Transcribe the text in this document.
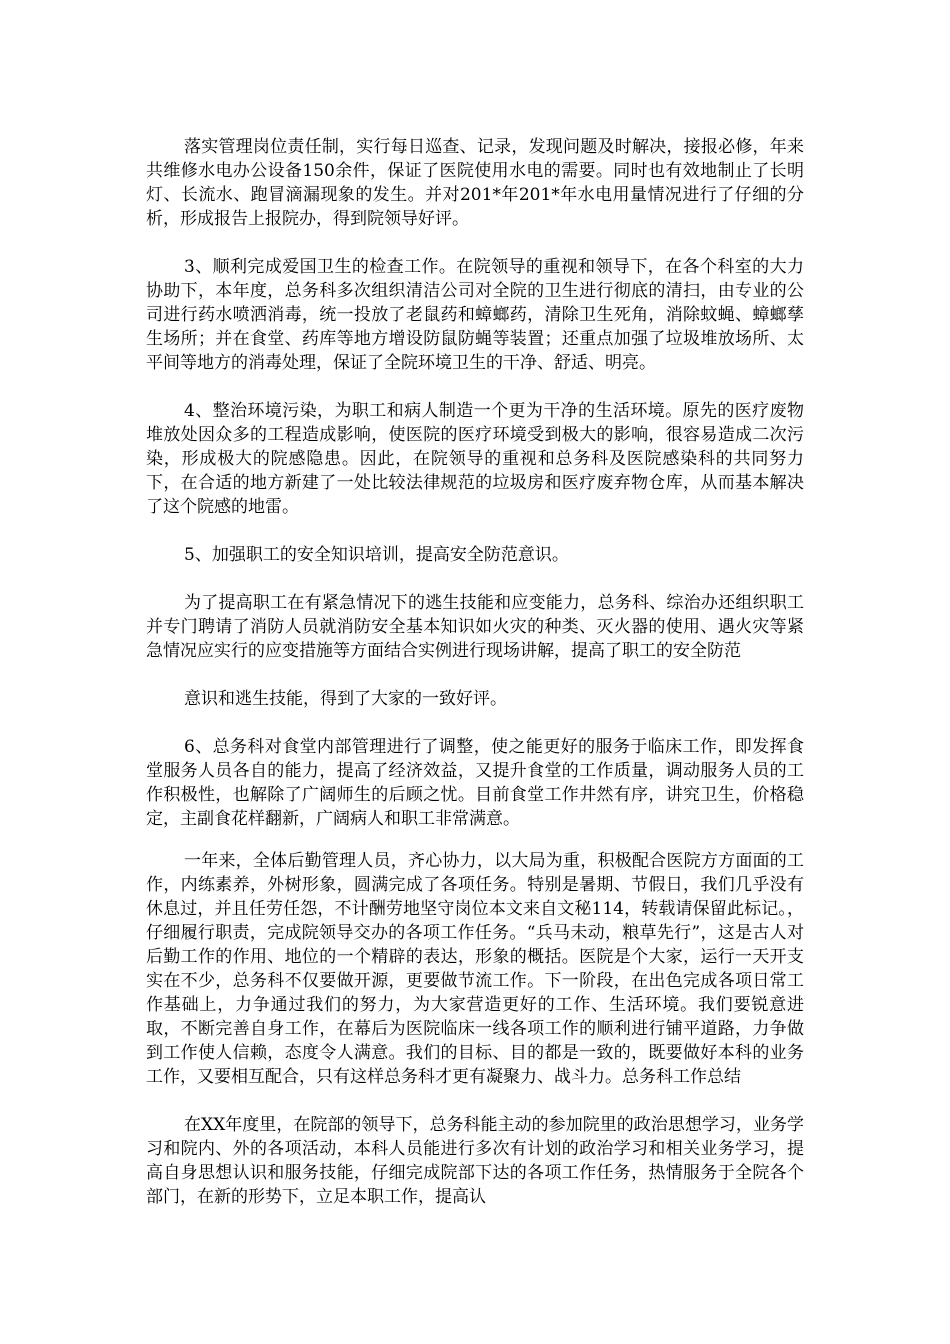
落实管理岗位责任制，实行每日巡查、记录，发现问题及时解决，接报必修，年来共维修水电办公设备150余件，保证了医院使用水电的需要。同时也有效地制止了长明灯、长流水、跑冒滴漏现象的发生。并对201*年201*年水电用量情况进行了仔细的分析，形成报告上报院办，得到院领导好评。

3、顺利完成爱国卫生的检查工作。在院领导的重视和领导下，在各个科室的大力协助下，本年度，总务科多次组织清洁公司对全院的卫生进行彻底的清扫，由专业的公司进行药水喷洒消毒，统一投放了老鼠药和蟑螂药，清除卫生死角，消除蚊蝇、蟑螂孳生场所；并在食堂、药库等地方增设防鼠防蝇等装置；还重点加强了垃圾堆放场所、太平间等地方的消毒处理，保证了全院环境卫生的干净、舒适、明亮。

4、整治环境污染，为职工和病人制造一个更为干净的生活环境。原先的医疗废物堆放处因众多的工程造成影响，使医院的医疗环境受到极大的影响，很容易造成二次污染，形成极大的院感隐患。因此，在院领导的重视和总务科及医院感染科的共同努力下，在合适的地方新建了一处比较法律规范的垃圾房和医疗废弃物仓库，从而基本解决了这个院感的地雷。

5、加强职工的安全知识培训，提高安全防范意识。

为了提高职工在有紧急情况下的逃生技能和应变能力，总务科、综治办还组织职工并专门聘请了消防人员就消防安全基本知识如火灾的种类、灭火器的使用、遇火灾等紧急情况应实行的应变措施等方面结合实例进行现场讲解，提高了职工的安全防范

意识和逃生技能，得到了大家的一致好评。

6、总务科对食堂内部管理进行了调整，使之能更好的服务于临床工作，即发挥食堂服务人员各自的能力，提高了经济效益，又提升食堂的工作质量，调动服务人员的工作积极性，也解除了广阔师生的后顾之忧。目前食堂工作井然有序，讲究卫生，价格稳定，主副食花样翻新，广阔病人和职工非常满意。

一年来，全体后勤管理人员，齐心协力，以大局为重，积极配合医院方方面面的工作，内练素养，外树形象，圆满完成了各项任务。特别是暑期、节假日，我们几乎没有休息过，并且任劳任怨，不计酬劳地坚守岗位本文来自文秘114，转载请保留此标记。，仔细履行职责，完成院领导交办的各项工作任务。“兵马未动，粮草先行”，这是古人对后勤工作的作用、地位的一个精辟的表达，形象的概括。医院是个大家，运行一天开支实在不少，总务科不仅要做开源，更要做节流工作。下一阶段，在出色完成各项日常工作基础上，力争通过我们的努力，为大家营造更好的工作、生活环境。我们要锐意进取，不断完善自身工作，在幕后为医院临床一线各项工作的顺利进行铺平道路，力争做到工作使人信赖，态度令人满意。我们的目标、目的都是一致的，既要做好本科的业务工作，又要相互配合，只有这样总务科才更有凝聚力、战斗力。总务科工作总结

在XX年度里，在院部的领导下，总务科能主动的参加院里的政治思想学习，业务学习和院内、外的各项活动，本科人员能进行多次有计划的政治学习和相关业务学习，提高自身思想认识和服务技能，仔细完成院部下达的各项工作任务，热情服务于全院各个部门，在新的形势下，立足本职工作，提高认
